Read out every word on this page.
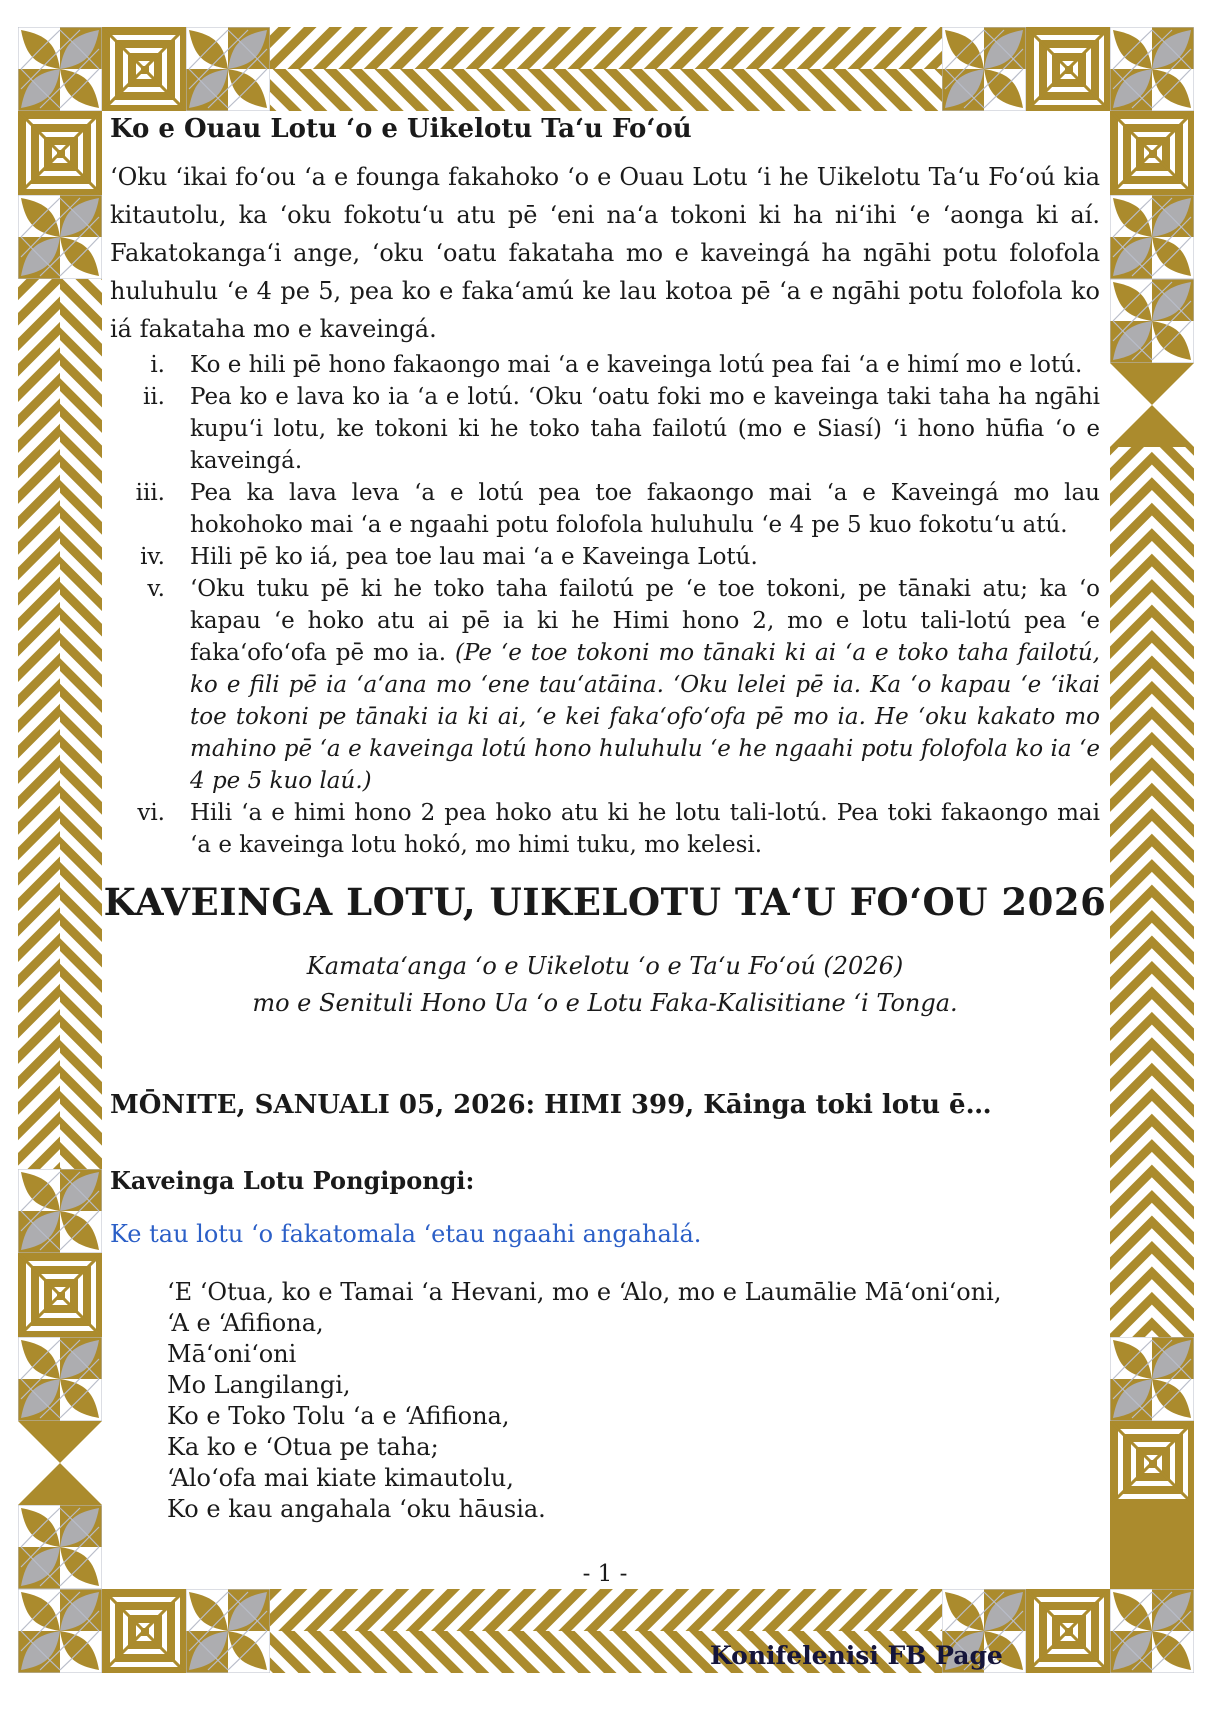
Ko e Ouau Lotu ʻo e Uikelotu Taʻu Foʻoú
ʻOku ʻikai foʻou ʻa e founga fakahoko ʻo e Ouau Lotu ʻi he Uikelotu Taʻu Foʻoú kia kitautolu, ka ʻoku fokotuʻu atu pē ʻeni naʻa tokoni ki ha niʻihi ʻe ʻaonga ki aí. Fakatokangaʻi ange, ʻoku ʻoatu fakataha mo e kaveingá ha ngāhi potu folofola huluhulu ʻe 4 pe 5, pea ko e fakaʻamú ke lau kotoa pē ʻa e ngāhi potu folofola ko iá fakataha mo e kaveingá.
i.	Ko e hili pē hono fakaongo mai ʻa e kaveinga lotú pea fai ʻa e himí mo e lotú.
ii.	Pea ko e lava ko ia ʻa e lotú. ʻOku ʻoatu foki mo e kaveinga taki taha ha ngāhi kupuʻi lotu, ke tokoni ki he toko taha failotú (mo e Siasí) ʻi hono hūfia ʻo e kaveingá.
iii.	Pea ka lava leva ʻa e lotú pea toe fakaongo mai ʻa e Kaveingá mo lau hokohoko mai ʻa e ngaahi potu folofola huluhulu ʻe 4 pe 5 kuo fokotuʻu atú.
iv.	Hili pē ko iá, pea toe lau mai ʻa e Kaveinga Lotú.
v.	ʻOku tuku pē ki he toko taha failotú pe ʻe toe tokoni, pe tānaki atu; ka ʻo kapau ʻe hoko atu ai pē ia ki he Himi hono 2, mo e lotu tali-lotú pea ʻe fakaʻofoʻofa pē mo ia. (Pe ʻe toe tokoni mo tānaki ki ai ʻa e toko taha failotú, ko e fili pē ia ʻaʻana mo ʻene tauʻatāina. ʻOku lelei pē ia. Ka ʻo kapau ʻe ʻikai toe tokoni pe tānaki ia ki ai, ʻe kei fakaʻofoʻofa pē mo ia. He ʻoku kakato mo mahino pē ʻa e kaveinga lotú hono huluhulu ʻe he ngaahi potu folofola ko ia ʻe 4 pe 5 kuo laú.)
vi.	Hili ʻa e himi hono 2 pea hoko atu ki he lotu tali-lotú. Pea toki fakaongo mai ʻa e kaveinga lotu hokó, mo himi tuku, mo kelesi.
KAVEINGA LOTU, UIKELOTU TAʻU FOʻOU 2026
Kamataʻanga ʻo e Uikelotu ʻo e Taʻu Foʻoú (2026)
mo e Senituli Hono Ua ʻo e Lotu Faka-Kalisitiane ʻi Tonga.
MŌNITE, SANUALI 05, 2026: HIMI 399, Kāinga toki lotu ē…
Kaveinga Lotu Pongipongi:
Ke tau lotu ʻo fakatomala ʻetau ngaahi angahalá.
ʻE ʻOtua, ko e Tamai ʻa Hevani, mo e ʻAlo, mo e Laumālie Māʻoniʻoni,
ʻA e ʻAfifiona,
Māʻoniʻoni
Mo Langilangi,
Ko e Toko Tolu ʻa e ʻAfifiona,
Ka ko e ʻOtua pe taha;
ʻAloʻofa mai kiate kimautolu,
Ko e kau angahala ʻoku hāusia.
- 1 -
Konifelenisi FB Page
